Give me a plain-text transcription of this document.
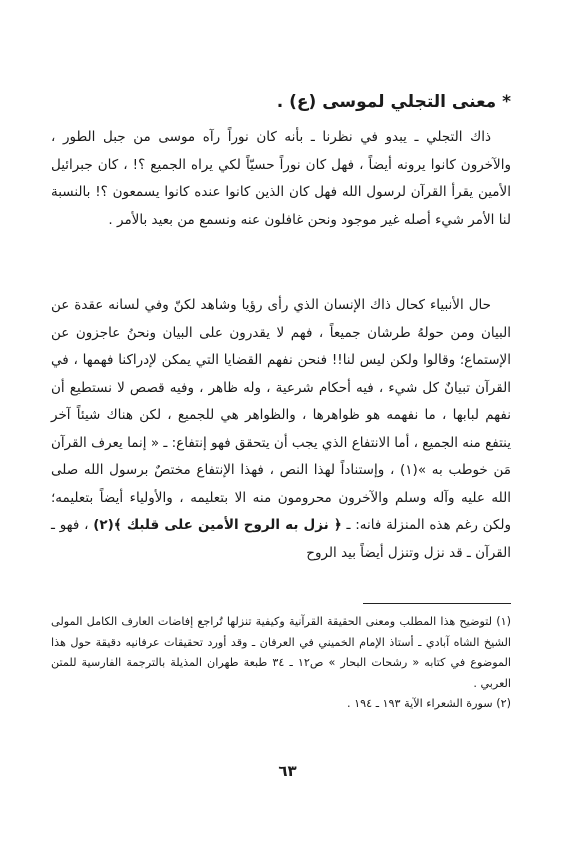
* معنى التجلي لموسى (ع) .

ذاك التجلي ـ يبدو في نظرنا ـ بأنه كان نوراً رآه موسى من جبل الطور ، والآخرون كانوا يرونه أيضاً ، فهل كان نوراً حسيّاً لكي يراه الجميع ؟! ، كان جبرائيل الأمين يقرأ القرآن لرسول الله فهل كان الذين كانوا عنده كانوا يسمعون ؟! بالنسبة لنا الأمر شيء أصله غير موجود ونحن غافلون عنه ونسمع من بعيد بالأمر .

حال الأنبياء كحال ذاك الإنسان الذي رأى رؤيا وشاهد لكنّ وفي لسانه عقدة عن البيان ومن حولهُ طرشان جميعاً ، فهم لا يقدرون على البيان ونحنُ عاجزون عن الإستماع؛ وقالوا ولكن ليس لنا!! فنحن نفهم القضايا التي يمكن لإدراكنا فهمها ، في القرآن تبيانٌ كل شيء ، فيه أحكام شرعية ، وله ظاهر ، وفيه قصص لا نستطيع أن نفهم لبابها ، ما نفهمه هو ظواهرها ، والظواهر هي للجميع ، لكن هناك شيئاً آخر ينتفع منه الجميع ، أما الانتفاع الذي يجب أن يتحقق فهو إنتفاع: ـ « إنما يعرف القرآن مَن خوطب به »(١) ، وإستناداً لهذا النص ، فهذا الإنتفاع مختصٌ برسول الله صلى الله عليه وآله وسلم والآخرون محرومون منه الا بتعليمه ، والأولياء أيضاً بتعليمه؛ ولكن رغم هذه المنزلة فانه: ـ ﴿ نزل به الروح الأمين على قلبك ﴾(٢) ، فهو ـ القرآن ـ قد نزل وتنزل أيضاً بيد الروح

(١) لتوضيح هذا المطلب ومعنى الحقيقة القرآنية وكيفية تنزلها تُراجع إفاضات العارف الكامل المولى الشيخ الشاه آبادي ـ أستاذ الإمام الخميني في العرفان ـ وقد أورد تحقيقات عرفانيه دقيقة حول هذا الموضوع في كتابه « رشحات البحار » ص١٢ ـ ٣٤ طبعة طهران المذيلة بالترجمة الفارسية للمتن العربي .

(٢) سورة الشعراء الآية ١٩٣ ـ ١٩٤ .

٦٣
